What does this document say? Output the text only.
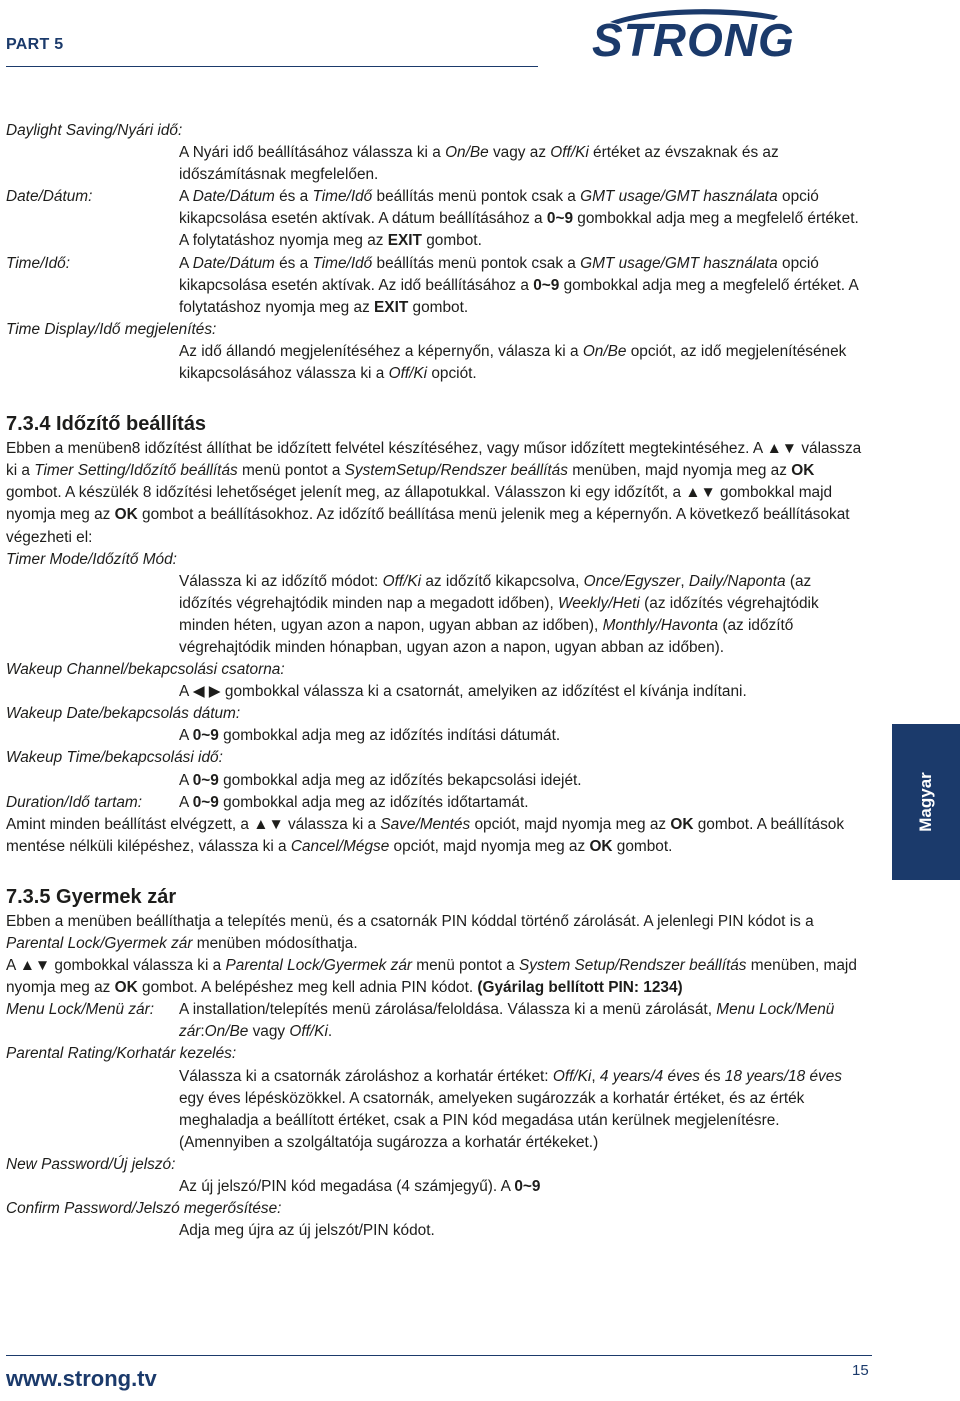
PART 5	STRONG
Daylight Saving/Nyári idő:
A Nyári idő beállításához válassza ki a On/Be vagy az Off/Ki értéket az évszaknak és az időszámításnak megfelelően.
Date/Dátum:	A Date/Dátum és a Time/Idő beállítás menü pontok csak a GMT usage/GMT használata opció kikapcsolása esetén aktívak. A dátum beállításához a 0~9 gombokkal adja meg a megfelelő értéket. A folytatáshoz nyomja meg az EXIT gombot.
Time/Idő:	A Date/Dátum és a Time/Idő beállítás menü pontok csak a GMT usage/GMT használata opció kikapcsolása esetén aktívak. Az idő beállításához a 0~9 gombokkal adja meg a megfelelő értéket. A folytatáshoz nyomja meg az EXIT gombot.
Time Display/Idő megjelenítés:
Az idő állandó megjelenítéséhez a képernyőn, válasza ki a On/Be opciót, az idő megjelenítésének kikapcsolásához válassza ki a Off/Ki opciót.
7.3.4 Időzítő beállítás

Ebben a menüben8 időzítést állíthat be időzített felvétel készítéséhez, vagy műsor időzített megtekintéséhez. A ▲▼ válassza ki a Timer Setting/Időzítő beállítás menü pontot a SystemSetup/Rendszer beállítás menüben, majd nyomja meg az OK gombot. A készülék 8 időzítési lehetőséget jelenít meg, az állapotukkal. Válasszon ki egy időzítőt, a ▲▼ gombokkal majd nyomja meg az OK gombot a beállításokhoz. Az időzítő beállítása menü jelenik meg a képernyőn. A következő beállításokat végezheti el:

Timer Mode/Időzítő Mód:
Válassza ki az időzítő módot: Off/Ki az időzítő kikapcsolva, Once/Egyszer, Daily/Naponta (az időzítés végrehajtódik minden nap a megadott időben), Weekly/Heti (az időzítés végrehajtódik minden héten, ugyan azon a napon, ugyan abban az időben), Monthly/Havonta (az időzítő végrehajtódik minden hónapban, ugyan azon a napon, ugyan abban az időben).
Wakeup Channel/bekapcsolási csatorna:
A ◀ ▶ gombokkal válassza ki a csatornát, amelyiken az időzítést el kívánja indítani.
Wakeup Date/bekapcsolás dátum:
A 0~9 gombokkal adja meg az időzítés indítási dátumát.
Wakeup Time/bekapcsolási idő:
A 0~9 gombokkal adja meg az időzítés bekapcsolási idejét.
Duration/Idő tartam:	A 0~9 gombokkal adja meg az időzítés időtartamát.

Amint minden beállítást elvégzett, a ▲▼ válassza ki a Save/Mentés opciót, majd nyomja meg az OK gombot. A beállítások mentése nélküli kilépéshez, válassza ki a Cancel/Mégse opciót, majd nyomja meg az OK gombot.

7.3.5 Gyermek zár

Ebben a menüben beállíthatja a telepítés menü, és a csatornák PIN kóddal történő zárolását. A jelenlegi PIN kódot is a Parental Lock/Gyermek zár menüben módosíthatja.

A ▲▼ gombokkal válassza ki a Parental Lock/Gyermek zár menü pontot a System Setup/Rendszer beállítás menüben, majd nyomja meg az OK gombot. A belépéshez meg kell adnia PIN kódot. (Gyárilag bellított PIN: 1234)

Menu Lock/Menü zár:	A installation/telepítés menü zárolása/feloldása. Válassza ki a menü zárolását, Menu Lock/Menü zár:On/Be vagy Off/Ki.
Parental Rating/Korhatár kezelés:
Válassza ki a csatornák zároláshoz a korhatár értéket: Off/Ki, 4 years/4 éves és 18 years/18 éves egy éves lépésközökkel. A csatornák, amelyeken sugározzák a korhatár értéket, és az érték meghaladja a beállított értéket, csak a PIN kód megadása után kerülnek megjelenítésre. (Amennyiben a szolgáltatója sugározza a korhatár értékeket.)
New Password/Új jelszó:
Az új jelszó/PIN kód megadása (4 számjegyű). A 0~9
Confirm Password/Jelszó megerősítése:
Adja meg újra az új jelszót/PIN kódot.
Magyar
www.strong.tv	15
